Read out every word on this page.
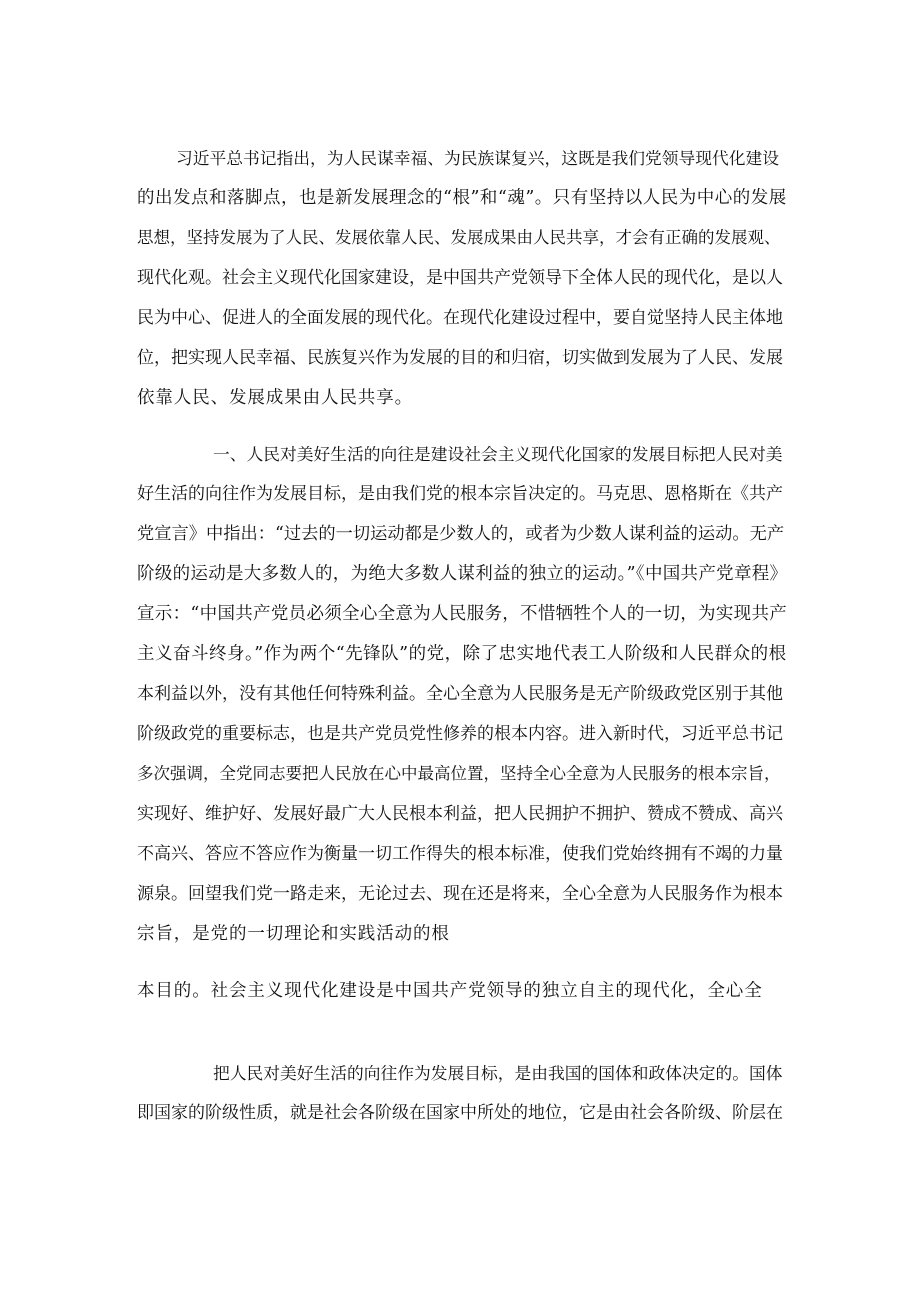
习近平总书记指出，为人民谋幸福、为民族谋复兴，这既是我们党领导现代化建设
的出发点和落脚点，也是新发展理念的“根”和“魂”。只有坚持以人民为中心的发展
思想，坚持发展为了人民、发展依靠人民、发展成果由人民共享，才会有正确的发展观、
现代化观。社会主义现代化国家建设，是中国共产党领导下全体人民的现代化，是以人
民为中心、促进人的全面发展的现代化。在现代化建设过程中，要自觉坚持人民主体地
位，把实现人民幸福、民族复兴作为发展的目的和归宿，切实做到发展为了人民、发展
依靠人民、发展成果由人民共享。
一、人民对美好生活的向往是建设社会主义现代化国家的发展目标把人民对美
好生活的向往作为发展目标，是由我们党的根本宗旨决定的。马克思、恩格斯在《共产
党宣言》中指出：“过去的一切运动都是少数人的，或者为少数人谋利益的运动。无产
阶级的运动是大多数人的，为绝大多数人谋利益的独立的运动。”《中国共产党章程》
宣示：“中国共产党员必须全心全意为人民服务，不惜牺牲个人的一切，为实现共产
主义奋斗终身。”作为两个“先锋队”的党，除了忠实地代表工人阶级和人民群众的根
本利益以外，没有其他任何特殊利益。全心全意为人民服务是无产阶级政党区别于其他
阶级政党的重要标志，也是共产党员党性修养的根本内容。进入新时代，习近平总书记
多次强调，全党同志要把人民放在心中最高位置，坚持全心全意为人民服务的根本宗旨，
实现好、维护好、发展好最广大人民根本利益，把人民拥护不拥护、赞成不赞成、高兴
不高兴、答应不答应作为衡量一切工作得失的根本标准，使我们党始终拥有不竭的力量
源泉。回望我们党一路走来，无论过去、现在还是将来，全心全意为人民服务作为根本
宗旨，是党的一切理论和实践活动的根
本目的。社会主义现代化建设是中国共产党领导的独立自主的现代化，全心全
把人民对美好生活的向往作为发展目标，是由我国的国体和政体决定的。国体
即国家的阶级性质，就是社会各阶级在国家中所处的地位，它是由社会各阶级、阶层在
